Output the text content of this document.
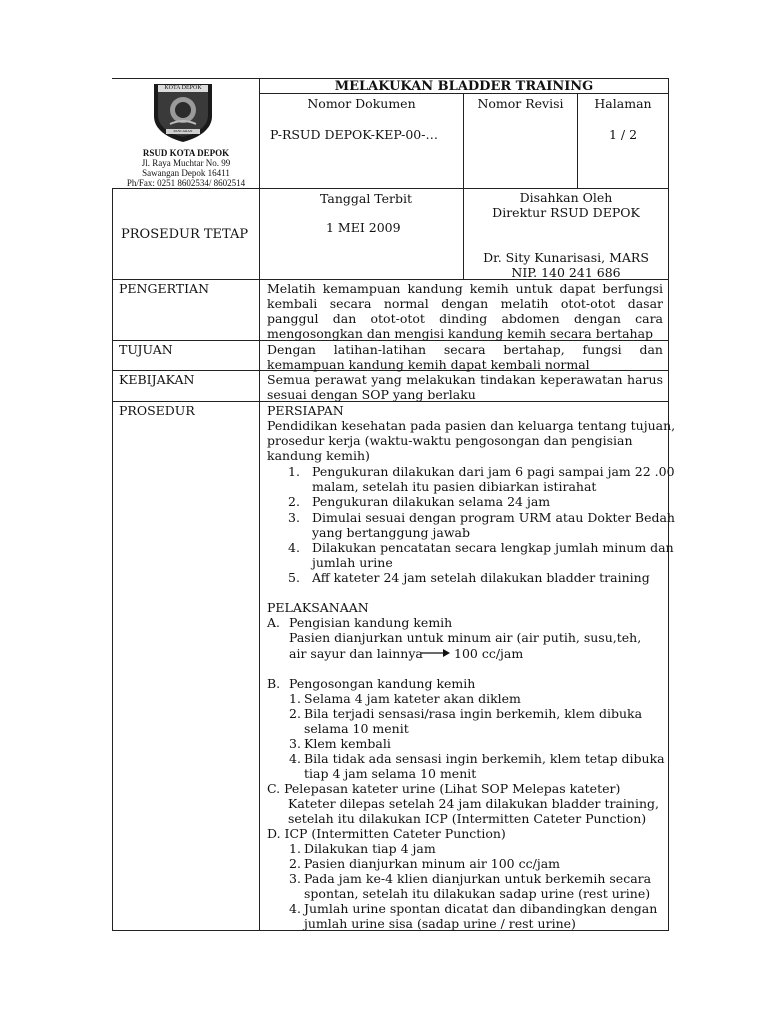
KOTA DEPOK
PANCARAN MANDIRI
RSUD KOTA DEPOK
Jl. Raya Muchtar No. 99
Sawangan Depok 16411
Ph/Fax: 0251 8602534/ 8602514
MELAKUKAN BLADDER TRAINING
Nomor Dokumen
P-RSUD DEPOK-KEP-00-…
Nomor Revisi	Halaman
1 / 2
PROSEDUR TETAP
Tanggal Terbit
1 MEI 2009
Disahkan Oleh
Direktur RSUD DEPOK
Dr. Sity Kunarisasi, MARS
NIP. 140 241 686
PENGERTIAN
TUJUAN
KEBIJAKAN
PROSEDUR
Melatih kemampuan kandung kemih untuk dapat berfungsi kembali secara normal dengan melatih otot-otot dasar panggul dan otot-otot dinding abdomen dengan cara mengosongkan dan mengisi kandung kemih secara bertahap
Dengan latihan-latihan secara bertahap, fungsi dan kemampuan kandung kemih dapat kembali normal
Semua perawat yang melakukan tindakan keperawatan harus sesuai dengan SOP yang berlaku
PERSIAPAN
Pendidikan kesehatan pada pasien dan keluarga tentang tujuan,
prosedur kerja (waktu-waktu pengosongan dan pengisian
kandung kemih)
1. Pengukuran dilakukan dari jam 6 pagi sampai jam 22 .00
malam, setelah itu pasien dibiarkan istirahat
2. Pengukuran dilakukan selama 24 jam
3. Dimulai sesuai dengan program URM atau Dokter Bedah
yang bertanggung jawab
4. Dilakukan pencatatan secara lengkap jumlah minum dan
jumlah urine
5. Aff kateter 24 jam setelah dilakukan bladder training
PELAKSANAAN
A. Pengisian kandung kemih
Pasien dianjurkan untuk minum air (air putih, susu,teh,
air sayur dan lainnya 100 cc/jam
B. Pengosongan kandung kemih
1. Selama 4 jam kateter akan diklem
2. Bila terjadi sensasi/rasa ingin berkemih, klem dibuka
selama 10 menit
3. Klem kembali
4. Bila tidak ada sensasi ingin berkemih, klem tetap dibuka
tiap 4 jam selama 10 menit
C. Pelepasan kateter urine (Lihat SOP Melepas kateter)
Kateter dilepas setelah 24 jam dilakukan bladder training,
setelah itu dilakukan ICP (Intermitten Cateter Punction)
D. ICP (Intermitten Cateter Punction)
1. Dilakukan tiap 4 jam
2. Pasien dianjurkan minum air 100 cc/jam
3. Pada jam ke-4 klien dianjurkan untuk berkemih secara
spontan, setelah itu dilakukan sadap urine (rest urine)
4. Jumlah urine spontan dicatat dan dibandingkan dengan
jumlah urine sisa (sadap urine / rest urine)
